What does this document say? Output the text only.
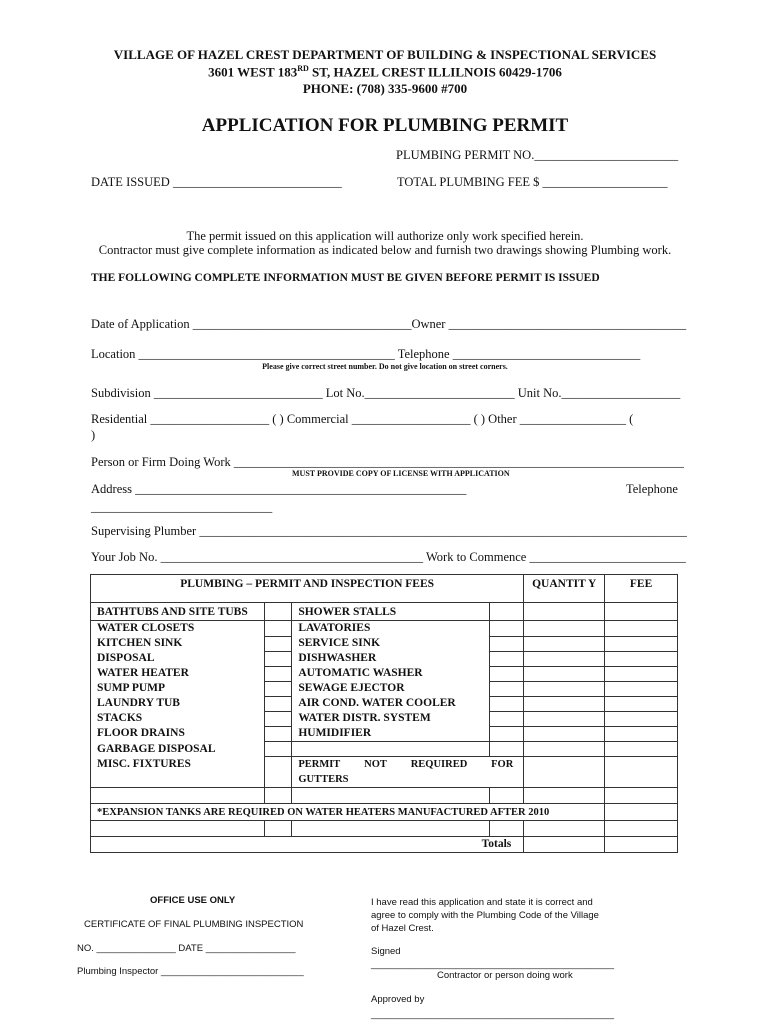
VILLAGE OF HAZEL CREST DEPARTMENT OF BUILDING & INSPECTIONAL SERVICES
3601 WEST 183RD ST, HAZEL CREST ILLILNOIS 60429-1706
PHONE: (708) 335-9600 #700
APPLICATION FOR PLUMBING PERMIT
PLUMBING PERMIT NO._______________________
DATE ISSUED ___________________________	TOTAL PLUMBING FEE $ ____________________
The permit issued on this application will authorize only work specified herein.
Contractor must give complete information as indicated below and furnish two drawings showing Plumbing work.
THE FOLLOWING COMPLETE INFORMATION MUST BE GIVEN BEFORE PERMIT IS ISSUED
Date of Application ___________________________________Owner ______________________________________
Location _________________________________________ Telephone ______________________________
Please give correct street number. Do not give location on street corners.
Subdivision ___________________________ Lot No.________________________ Unit No.___________________
Residential ___________________ ( ) Commercial ___________________ ( ) Other _________________ (
)
Person or Firm Doing Work ________________________________________________________________________
MUST PROVIDE COPY OF LICENSE WITH APPLICATION
Address _____________________________________________________	Telephone
_____________________________
Supervising Plumber ______________________________________________________________________________
Your Job No. __________________________________________ Work to Commence _________________________
PLUMBING – PERMIT AND INSPECTION FEES				QUANTIT Y	FEE
BATHTUBS AND SITE TUBS		SHOWER STALLS			
WATER CLOSETS		LAVATORIES			
KITCHEN SINK		SERVICE SINK			
DISPOSAL		DISHWASHER			
WATER HEATER		AUTOMATIC WASHER			
SUMP PUMP		SEWAGE EJECTOR			
LAUNDRY TUB		AIR COND. WATER COOLER			
STACKS		WATER DISTR. SYSTEM			
FLOOR DRAINS		HUMIDIFIER			
GARBAGE DISPOSAL					
MISC. FIXTURES		PERMIT NOT REQUIRED FOR
GUTTERS			

*EXPANSION TANKS ARE REQUIRED ON WATER HEATERS MANUFACTURED AFTER 2010					

Totals					
OFFICE USE ONLY
CERTIFICATE OF FINAL PLUMBING INSPECTION
NO. _______________ DATE _________________
Plumbing Inspector ___________________________
I have read this application and state it is correct and
agree to comply with the Plumbing Code of the Village
of Hazel Crest.
Signed
______________________________________________
Contractor or person doing work
Approved by
______________________________________________
